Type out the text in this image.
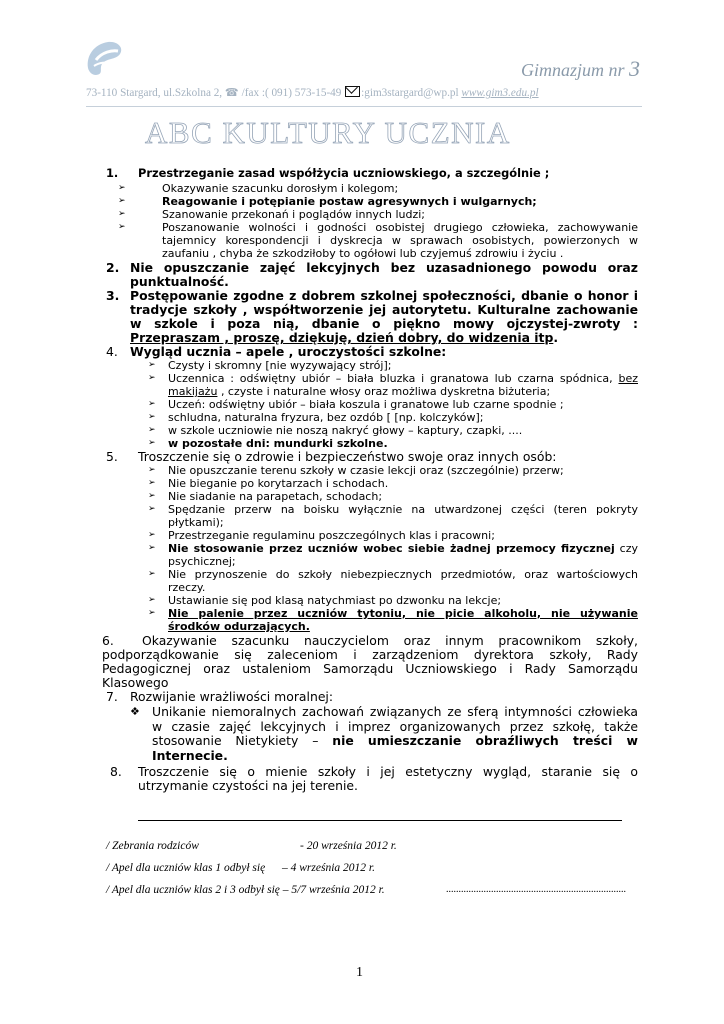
Gimnazjum nr 3
73-110 Stargard, ul.Szkolna 2, ☎ /fax :( 091) 573-15-49 :gim3stargard@wp.pl www.gim3.edu.pl
ABC KULTURY UCZNIA
1.	Przestrzeganie zasad współżycia uczniowskiego, a szczególnie ;
➢	Okazywanie szacunku dorosłym i kolegom;
➢	Reagowanie i potępianie postaw agresywnych i wulgarnych;
➢	Szanowanie przekonań i poglądów innych ludzi;
➢	Poszanowanie wolności i godności osobistej drugiego człowieka, zachowywanie tajemnicy korespondencji i dyskrecja w sprawach osobistych, powierzonych w zaufaniu , chyba że szkodziłoby to ogółowi lub czyjemuś zdrowiu i życiu .
2. Nie opuszczanie zajęć lekcyjnych bez uzasadnionego powodu oraz punktualność.
3. Postępowanie zgodne z dobrem szkolnej społeczności, dbanie o honor i tradycje szkoły , współtworzenie jej autorytetu. Kulturalne zachowanie w szkole i poza nią, dbanie o piękno mowy ojczystej-zwroty : Przepraszam , proszę, dziękuję, dzień dobry, do widzenia itp.
4. Wygląd ucznia – apele , uroczystości szkolne:
➢	Czysty i skromny [nie wyzywający strój];
➢	Uczennica : odświętny ubiór – biała bluzka i granatowa lub czarna spódnica, bez makijażu , czyste i naturalne włosy oraz możliwa dyskretna biżuteria;
➢	Uczeń: odświętny ubiór – biała koszula i granatowe lub czarne spodnie ;
➢	schludna, naturalna fryzura, bez ozdób [ [np. kolczyków];
➢	w szkole uczniowie nie noszą nakryć głowy – kaptury, czapki, ....
➢	w pozostałe dni: mundurki szkolne.
5.	Troszczenie się o zdrowie i bezpieczeństwo swoje oraz innych osób:
➢	Nie opuszczanie terenu szkoły w czasie lekcji oraz (szczególnie) przerw;
➢	Nie bieganie po korytarzach i schodach.
➢	Nie siadanie na parapetach, schodach;
➢	Spędzanie przerw na boisku wyłącznie na utwardzonej części (teren pokryty płytkami);
➢	Przestrzeganie regulaminu poszczególnych klas i pracowni;
➢	Nie stosowanie przez uczniów wobec siebie żadnej przemocy fizycznej czy psychicznej;
➢	Nie przynoszenie do szkoły niebezpiecznych przedmiotów, oraz wartościowych rzeczy.
➢	Ustawianie się pod klasą natychmiast po dzwonku na lekcje;
➢	Nie palenie przez uczniów tytoniu, nie picie alkoholu, nie używanie środków odurzających.
6. Okazywanie szacunku nauczycielom oraz innym pracownikom szkoły, podporządkowanie się zaleceniom i zarządzeniom dyrektora szkoły, Rady Pedagogicznej oraz ustaleniom Samorządu Uczniowskiego i Rady Samorządu Klasowego
7. Rozwijanie wrażliwości moralnej:
❖ Unikanie niemoralnych zachowań związanych ze sferą intymności człowieka w czasie zajęć lekcyjnych i imprez organizowanych przez szkołę, także stosowanie Nietykiety – nie umieszczanie obraźliwych treści w Internecie.
8.	Troszczenie się o mienie szkoły i jej estetyczny wygląd, staranie się o utrzymanie czystości na jej terenie.
/ Zebrania rodziców	- 20 września 2012 r.
/ Apel dla uczniów klas 1 odbył się – 4 września 2012 r.
/ Apel dla uczniów klas 2 i 3 odbył się – 5/7 września 2012 r.	........................................................................
1
